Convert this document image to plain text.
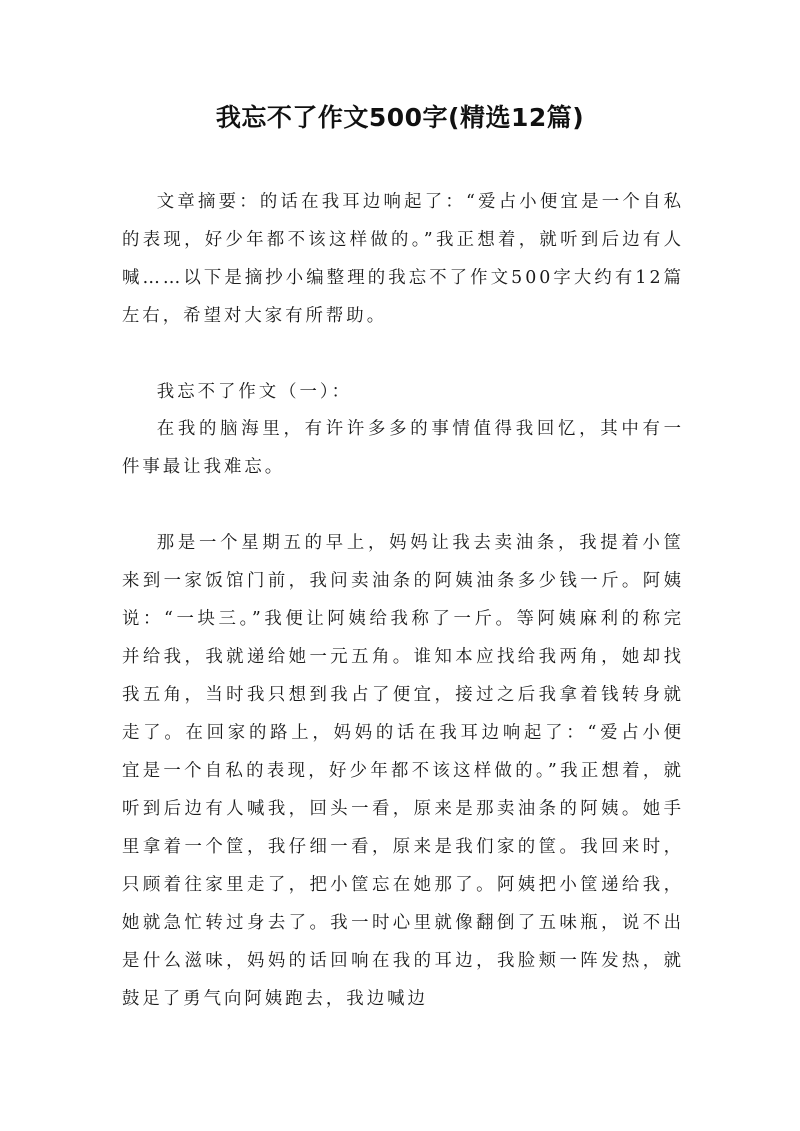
我忘不了作文500字(精选12篇)

文章摘要：的话在我耳边响起了：“爱占小便宜是一个自私的表现，好少年都不该这样做的。”我正想着，就听到后边有人喊……以下是摘抄小编整理的我忘不了作文500字大约有12篇左右，希望对大家有所帮助。

我忘不了作文（一）：

在我的脑海里，有许许多多的事情值得我回忆，其中有一件事最让我难忘。

那是一个星期五的早上，妈妈让我去卖油条，我提着小筐来到一家饭馆门前，我问卖油条的阿姨油条多少钱一斤。阿姨说：“一块三。”我便让阿姨给我称了一斤。等阿姨麻利的称完并给我，我就递给她一元五角。谁知本应找给我两角，她却找我五角，当时我只想到我占了便宜，接过之后我拿着钱转身就走了。在回家的路上，妈妈的话在我耳边响起了：“爱占小便宜是一个自私的表现，好少年都不该这样做的。”我正想着，就听到后边有人喊我，回头一看，原来是那卖油条的阿姨。她手里拿着一个筐，我仔细一看，原来是我们家的筐。我回来时，只顾着往家里走了，把小筐忘在她那了。阿姨把小筐递给我，她就急忙转过身去了。我一时心里就像翻倒了五味瓶，说不出是什么滋味，妈妈的话回响在我的耳边，我脸颊一阵发热，就鼓足了勇气向阿姨跑去，我边喊边
